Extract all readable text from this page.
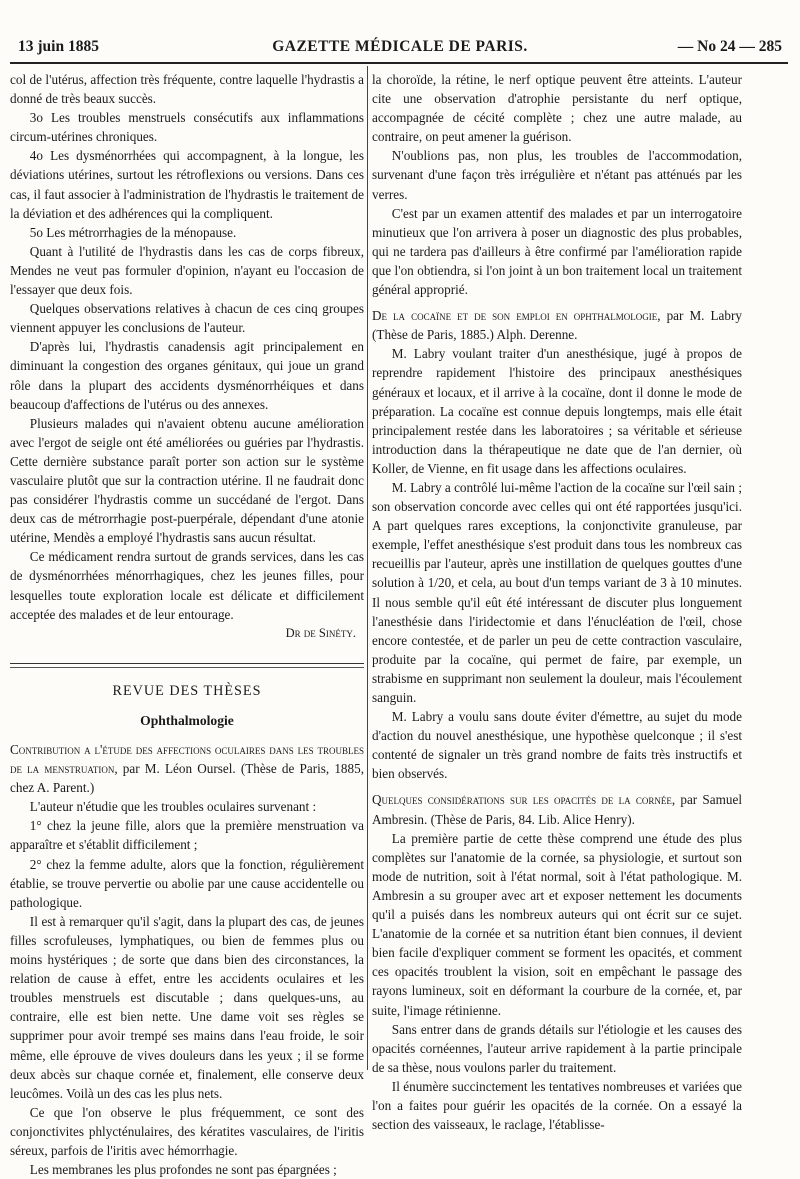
13 juin 1885	GAZETTE MÉDICALE DE PARIS.	— No 24 — 285

col de l'utérus, affection très fréquente, contre laquelle l'hydrastis a donné de très beaux succès.

3o Les troubles menstruels consécutifs aux inflammations circum-utérines chroniques.

4o Les dysménorrhées qui accompagnent, à la longue, les déviations utérines, surtout les rétroflexions ou versions. Dans ces cas, il faut associer à l'administration de l'hydrastis le traitement de la déviation et des adhérences qui la compliquent.

5o Les métrorrhagies de la ménopause.

Quant à l'utilité de l'hydrastis dans les cas de corps fibreux, Mendes ne veut pas formuler d'opinion, n'ayant eu l'occasion de l'essayer que deux fois.

Quelques observations relatives à chacun de ces cinq groupes viennent appuyer les conclusions de l'auteur.

D'après lui, l'hydrastis canadensis agit principalement en diminuant la congestion des organes génitaux, qui joue un grand rôle dans la plupart des accidents dysménorrhéiques et dans beaucoup d'affections de l'utérus ou des annexes.

Plusieurs malades qui n'avaient obtenu aucune amélioration avec l'ergot de seigle ont été améliorées ou guéries par l'hydrastis. Cette dernière substance paraît porter son action sur le système vasculaire plutôt que sur la contraction utérine. Il ne faudrait donc pas considérer l'hydrastis comme un succédané de l'ergot. Dans deux cas de métrorrhagie post-puerpérale, dépendant d'une atonie utérine, Mendès a employé l'hydrastis sans aucun résultat.

Ce médicament rendra surtout de grands services, dans les cas de dysménorrhées ménorrhagiques, chez les jeunes filles, pour lesquelles toute exploration locale est délicate et difficilement acceptée des malades et de leur entourage.

Dr de Sinéty.

REVUE DES THÈSES
Ophthalmologie

Contribution a l'étude des affections oculaires dans les troubles de la menstruation, par M. Léon Oursel. (Thèse de Paris, 1885, chez A. Parent.)

L'auteur n'étudie que les troubles oculaires survenant :

1° chez la jeune fille, alors que la première menstruation va apparaître et s'établit difficilement ;

2° chez la femme adulte, alors que la fonction, régulièrement établie, se trouve pervertie ou abolie par une cause accidentelle ou pathologique.

Il est à remarquer qu'il s'agit, dans la plupart des cas, de jeunes filles scrofuleuses, lymphatiques, ou bien de femmes plus ou moins hystériques ; de sorte que dans bien des circonstances, la relation de cause à effet, entre les accidents oculaires et les troubles menstruels est discutable ; dans quelques-uns, au contraire, elle est bien nette. Une dame voit ses règles se supprimer pour avoir trempé ses mains dans l'eau froide, le soir même, elle éprouve de vives douleurs dans les yeux ; il se forme deux abcès sur chaque cornée et, finalement, elle conserve deux leucômes. Voilà un des cas les plus nets.

Ce que l'on observe le plus fréquemment, ce sont des conjonctivites phlycténulaires, des kératites vasculaires, de l'iritis séreux, parfois de l'iritis avec hémorrhagie.

Les membranes les plus profondes ne sont pas épargnées ;

la choroïde, la rétine, le nerf optique peuvent être atteints. L'auteur cite une observation d'atrophie persistante du nerf optique, accompagnée de cécité complète ; chez une autre malade, au contraire, on peut amener la guérison.

N'oublions pas, non plus, les troubles de l'accommodation, survenant d'une façon très irrégulière et n'étant pas atténués par les verres.

C'est par un examen attentif des malades et par un interrogatoire minutieux que l'on arrivera à poser un diagnostic des plus probables, qui ne tardera pas d'ailleurs à être confirmé par l'amélioration rapide que l'on obtiendra, si l'on joint à un bon traitement local un traitement général approprié.

De la cocaïne et de son emploi en ophthalmologie, par M. Labry (Thèse de Paris, 1885.) Alph. Derenne.

M. Labry voulant traiter d'un anesthésique, jugé à propos de reprendre rapidement l'histoire des principaux anesthésiques généraux et locaux, et il arrive à la cocaïne, dont il donne le mode de préparation. La cocaïne est connue depuis longtemps, mais elle était principalement restée dans les laboratoires ; sa véritable et sérieuse introduction dans la thérapeutique ne date que de l'an dernier, où Koller, de Vienne, en fit usage dans les affections oculaires.

M. Labry a contrôlé lui-même l'action de la cocaïne sur l'œil sain ; son observation concorde avec celles qui ont été rapportées jusqu'ici. A part quelques rares exceptions, la conjonctivite granuleuse, par exemple, l'effet anesthésique s'est produit dans tous les nombreux cas recueillis par l'auteur, après une instillation de quelques gouttes d'une solution à 1/20, et cela, au bout d'un temps variant de 3 à 10 minutes. Il nous semble qu'il eût été intéressant de discuter plus longuement l'anesthésie dans l'iridectomie et dans l'énucléation de l'œil, chose encore contestée, et de parler un peu de cette contraction vasculaire, produite par la cocaïne, qui permet de faire, par exemple, un strabisme en supprimant non seulement la douleur, mais l'écoulement sanguin.

M. Labry a voulu sans doute éviter d'émettre, au sujet du mode d'action du nouvel anesthésique, une hypothèse quelconque ; il s'est contenté de signaler un très grand nombre de faits très instructifs et bien observés.

Quelques considérations sur les opacités de la cornée, par Samuel Ambresin. (Thèse de Paris, 84. Lib. Alice Henry).

La première partie de cette thèse comprend une étude des plus complètes sur l'anatomie de la cornée, sa physiologie, et surtout son mode de nutrition, soit à l'état normal, soit à l'état pathologique. M. Ambresin a su grouper avec art et exposer nettement les documents qu'il a puisés dans les nombreux auteurs qui ont écrit sur ce sujet. L'anatomie de la cornée et sa nutrition étant bien connues, il devient bien facile d'expliquer comment se forment les opacités, et comment ces opacités troublent la vision, soit en empêchant le passage des rayons lumineux, soit en déformant la courbure de la cornée, et, par suite, l'image rétinienne.

Sans entrer dans de grands détails sur l'étiologie et les causes des opacités cornéennes, l'auteur arrive rapidement à la partie principale de sa thèse, nous voulons parler du traitement.

Il énumère succinctement les tentatives nombreuses et variées que l'on a faites pour guérir les opacités de la cornée. On a essayé la section des vaisseaux, le raclage, l'établisse-
